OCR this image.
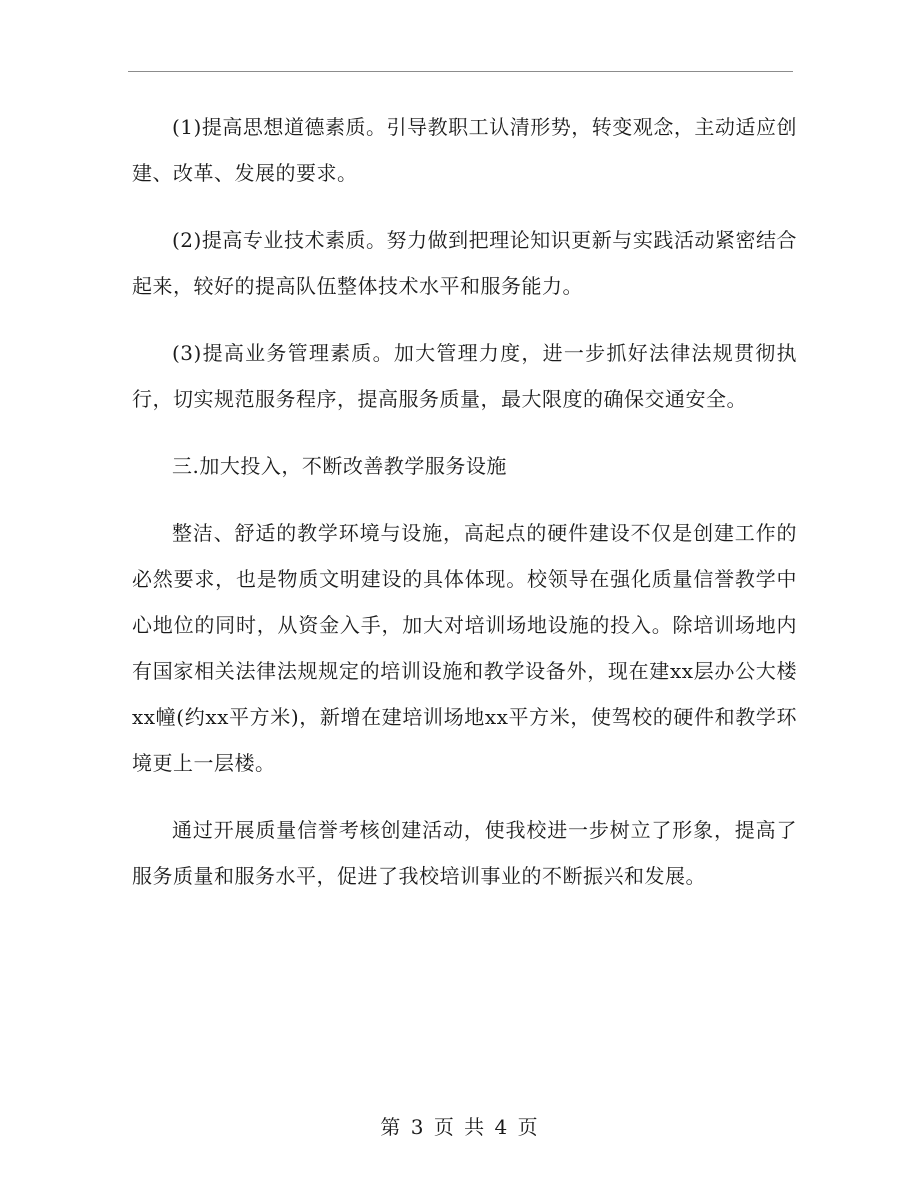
(1)提高思想道德素质。引导教职工认清形势，转变观念，主动适应创建、改革、发展的要求。

(2)提高专业技术素质。努力做到把理论知识更新与实践活动紧密结合起来，较好的提高队伍整体技术水平和服务能力。

(3)提高业务管理素质。加大管理力度，进一步抓好法律法规贯彻执行，切实规范服务程序，提高服务质量，最大限度的确保交通安全。

三.加大投入，不断改善教学服务设施

整洁、舒适的教学环境与设施，高起点的硬件建设不仅是创建工作的必然要求，也是物质文明建设的具体体现。校领导在强化质量信誉教学中心地位的同时，从资金入手，加大对培训场地设施的投入。除培训场地内有国家相关法律法规规定的培训设施和教学设备外，现在建xx层办公大楼xx幢(约xx平方米)，新增在建培训场地xx平方米，使驾校的硬件和教学环境更上一层楼。

通过开展质量信誉考核创建活动，使我校进一步树立了形象，提高了服务质量和服务水平，促进了我校培训事业的不断振兴和发展。

第 3 页 共 4 页
